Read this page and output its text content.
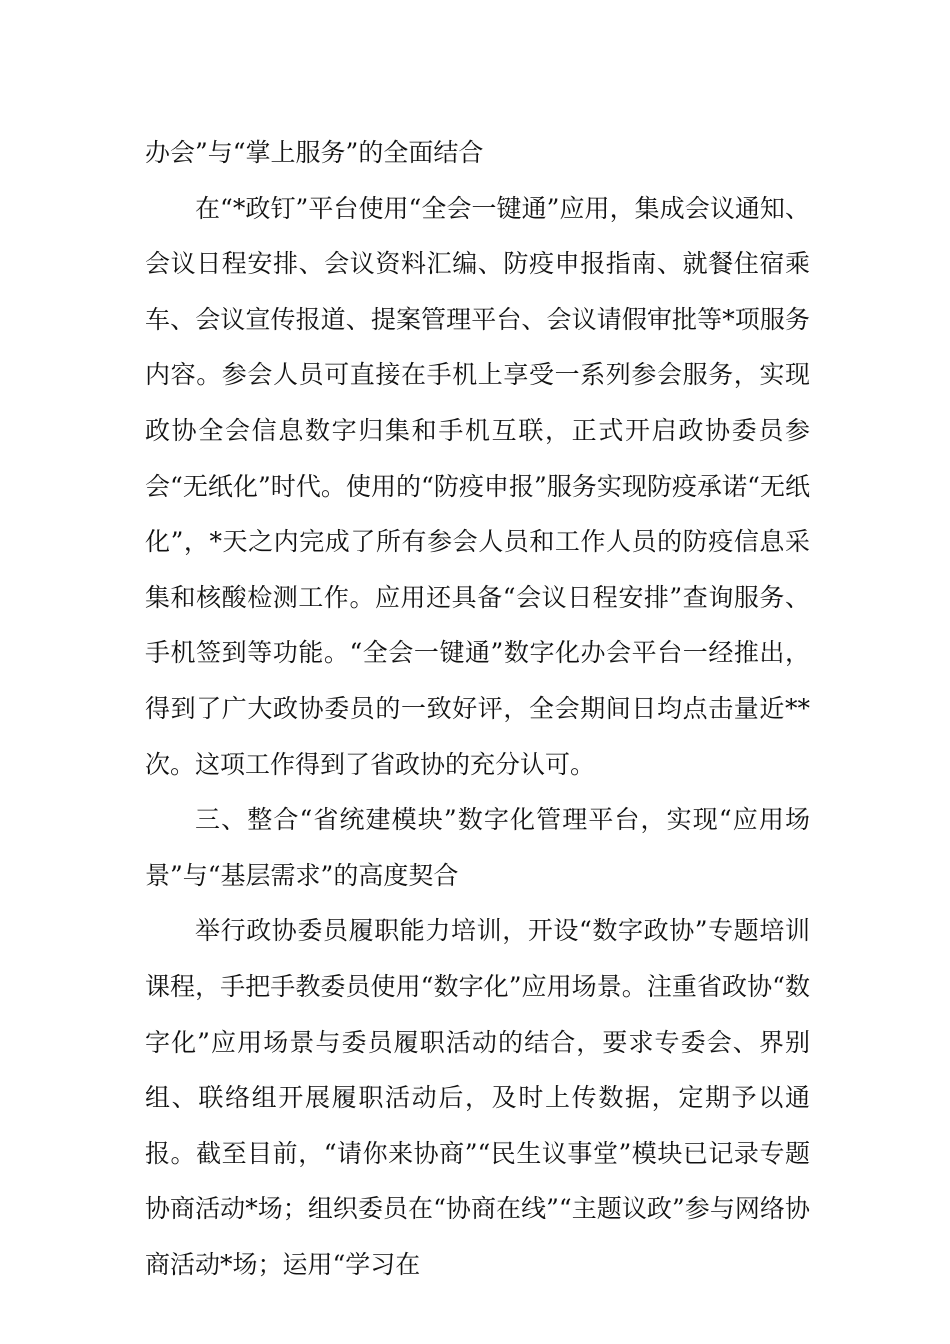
办会”与“掌上服务”的全面结合

在“*政钉”平台使用“全会一键通”应用，集成会议通知、会议日程安排、会议资料汇编、防疫申报指南、就餐住宿乘车、会议宣传报道、提案管理平台、会议请假审批等*项服务内容。参会人员可直接在手机上享受一系列参会服务，实现政协全会信息数字归集和手机互联，正式开启政协委员参会“无纸化”时代。使用的“防疫申报”服务实现防疫承诺“无纸化”，*天之内完成了所有参会人员和工作人员的防疫信息采集和核酸检测工作。应用还具备“会议日程安排”查询服务、手机签到等功能。“全会一键通”数字化办会平台一经推出，得到了广大政协委员的一致好评，全会期间日均点击量近**次。这项工作得到了省政协的充分认可。

三、整合“省统建模块”数字化管理平台，实现“应用场景”与“基层需求”的高度契合

举行政协委员履职能力培训，开设“数字政协”专题培训课程，手把手教委员使用“数字化”应用场景。注重省政协“数字化”应用场景与委员履职活动的结合，要求专委会、界别组、联络组开展履职活动后，及时上传数据，定期予以通报。截至目前，“请你来协商”“民生议事堂”模块已记录专题协商活动*场；组织委员在“协商在线”“主题议政”参与网络协商活动*场；运用“学习在
